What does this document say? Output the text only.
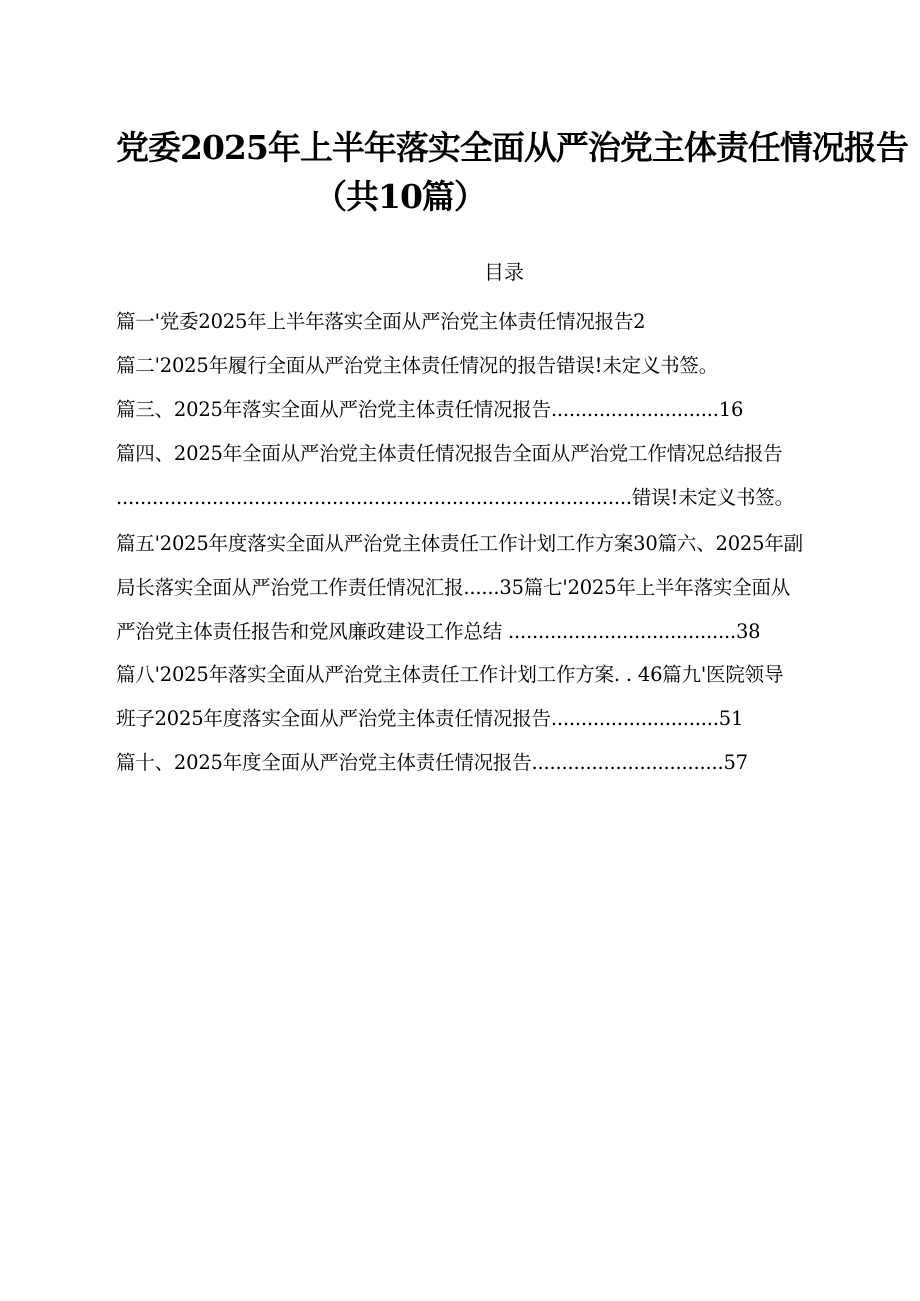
党委2025年上半年落实全面从严治党主体责任情况报告
（共10篇）
目录
篇一'党委2025年上半年落实全面从严治党主体责任情况报告2
篇二'2025年履行全面从严治党主体责任情况的报告错误!未定义书签。
篇三、2025年落实全面从严治党主体责任情况报告............................16
篇四、2025年全面从严治党主体责任情况报告全面从严治党工作情况总结报告
......................................................................................错误!未定义书签。
篇五'2025年度落实全面从严治党主体责任工作计划工作方案30篇六、2025年副
局长落实全面从严治党工作责任情况汇报......35篇七'2025年上半年落实全面从
严治党主体责任报告和党风廉政建设工作总结 ......................................38
篇八'2025年落实全面从严治党主体责任工作计划工作方案. . 46篇九'医院领导
班子2025年度落实全面从严治党主体责任情况报告............................51
篇十、2025年度全面从严治党主体责任情况报告................................57
